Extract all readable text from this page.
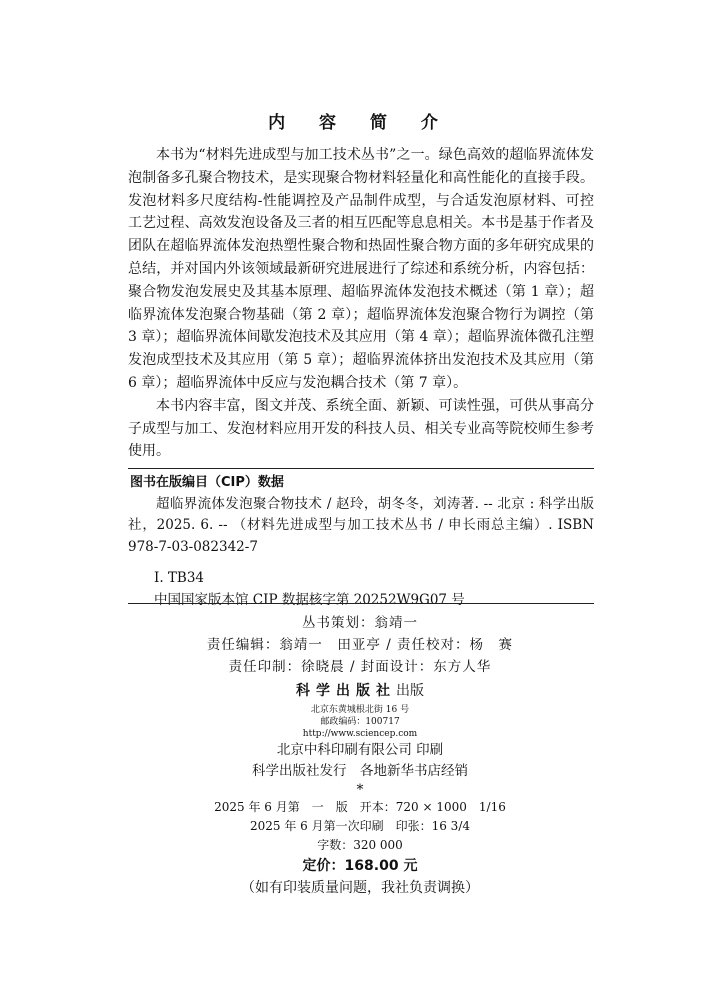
内 容 简 介

本书为“材料先进成型与加工技术丛书”之一。绿色高效的超临界流体发泡制备多孔聚合物技术，是实现聚合物材料轻量化和高性能化的直接手段。发泡材料多尺度结构-性能调控及产品制件成型，与合适发泡原材料、可控工艺过程、高效发泡设备及三者的相互匹配等息息相关。本书是基于作者及团队在超临界流体发泡热塑性聚合物和热固性聚合物方面的多年研究成果的总结，并对国内外该领域最新研究进展进行了综述和系统分析，内容包括：聚合物发泡发展史及其基本原理、超临界流体发泡技术概述（第 1 章）；超临界流体发泡聚合物基础（第 2 章）；超临界流体发泡聚合物行为调控（第 3 章）；超临界流体间歇发泡技术及其应用（第 4 章）；超临界流体微孔注塑发泡成型技术及其应用（第 5 章）；超临界流体挤出发泡技术及其应用（第 6 章）；超临界流体中反应与发泡耦合技术（第 7 章）。

本书内容丰富，图文并茂、系统全面、新颖、可读性强，可供从事高分子成型与加工、发泡材料应用开发的科技人员、相关专业高等院校师生参考使用。

图书在版编目（CIP）数据
超临界流体发泡聚合物技术 / 赵玲，胡冬冬，刘涛著. -- 北京 : 科学出版社，2025. 6. -- （材料先进成型与加工技术丛书 / 申长雨总主编）. ISBN 978-7-03-082342-7
Ⅰ. TB34
中国国家版本馆 CIP 数据核字第 20252W9G07 号
丛书策划：翁靖一
责任编辑：翁靖一　田亚亭 / 责任校对：杨　赛
责任印制：徐晓晨 / 封面设计：东方人华
科学出版社出版
北京东黄城根北街 16 号
邮政编码：100717
http://www.sciencep.com
北京中科印刷有限公司 印刷
科学出版社发行　各地新华书店经销
*
2025 年 6 月第　一　版　开本：720 × 1000　1/16
2025 年 6 月第一次印刷　印张：16 3/4
字数：320 000
定价：168.00 元
（如有印装质量问题，我社负责调换）
